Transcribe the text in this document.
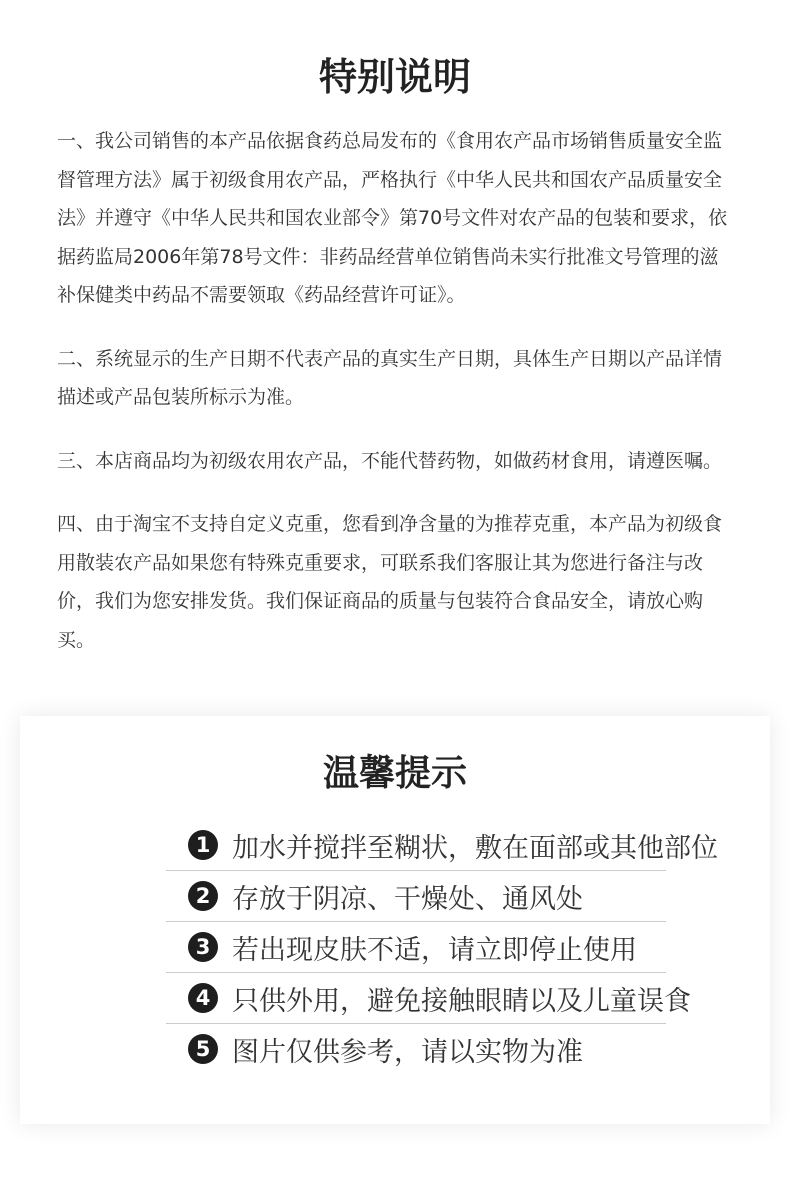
特别说明

一、我公司销售的本产品依据食药总局发布的《食用农产品市场销售质量安全监督管理方法》属于初级食用农产品，严格执行《中华人民共和国农产品质量安全法》并遵守《中华人民共和国农业部令》第70号文件对农产品的包装和要求，依据药监局2006年第78号文件：非药品经营单位销售尚未实行批准文号管理的滋补保健类中药品不需要领取《药品经营许可证》。

二、系统显示的生产日期不代表产品的真实生产日期，具体生产日期以产品详情描述或产品包装所标示为准。

三、本店商品均为初级农用农产品，不能代替药物，如做药材食用，请遵医嘱。

四、由于淘宝不支持自定义克重，您看到净含量的为推荐克重，本产品为初级食用散装农产品如果您有特殊克重要求，可联系我们客服让其为您进行备注与改价，我们为您安排发货。我们保证商品的质量与包装符合食品安全，请放心购买。

温馨提示
1 加水并搅拌至糊状，敷在面部或其他部位
2 存放于阴凉、干燥处、通风处
3 若出现皮肤不适，请立即停止使用
4 只供外用，避免接触眼睛以及儿童误食
5 图片仅供参考，请以实物为准
